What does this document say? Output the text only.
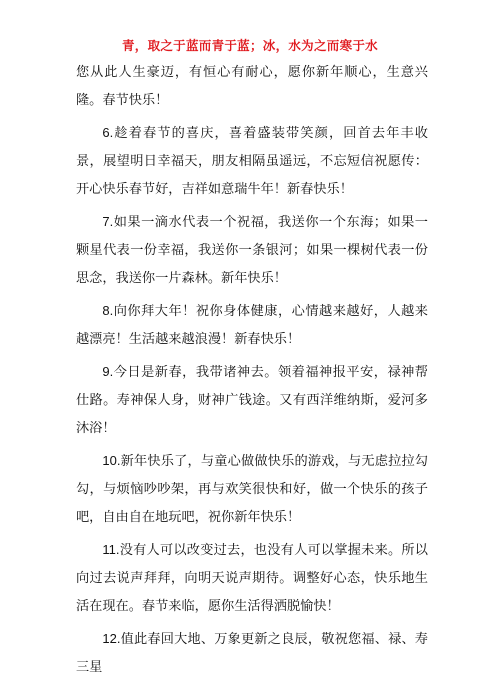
青，取之于蓝而青于蓝；冰，水为之而寒于水

您从此人生豪迈，有恒心有耐心，愿你新年顺心，生意兴隆。春节快乐！

6.趁着春节的喜庆，喜着盛装带笑颜，回首去年丰收景，展望明日幸福天，朋友相隔虽遥远，不忘短信祝愿传：开心快乐春节好，吉祥如意瑞牛年！新春快乐！

7.如果一滴水代表一个祝福，我送你一个东海；如果一颗星代表一份幸福，我送你一条银河；如果一棵树代表一份思念，我送你一片森林。新年快乐！

8.向你拜大年！祝你身体健康，心情越来越好，人越来越漂亮！生活越来越浪漫！新春快乐！

9.今日是新春，我带诸神去。领着福神报平安，禄神帮仕路。寿神保人身，财神广钱途。又有西洋维纳斯，爱河多沐浴！

10.新年快乐了，与童心做做快乐的游戏，与无虑拉拉勾勾，与烦恼吵吵架，再与欢笑很快和好，做一个快乐的孩子吧，自由自在地玩吧，祝你新年快乐！

11.没有人可以改变过去，也没有人可以掌握未来。所以向过去说声拜拜，向明天说声期待。调整好心态，快乐地生活在现在。春节来临，愿你生活得洒脱愉快！

12.值此春回大地、万象更新之良辰，敬祝您福、禄、寿三星
